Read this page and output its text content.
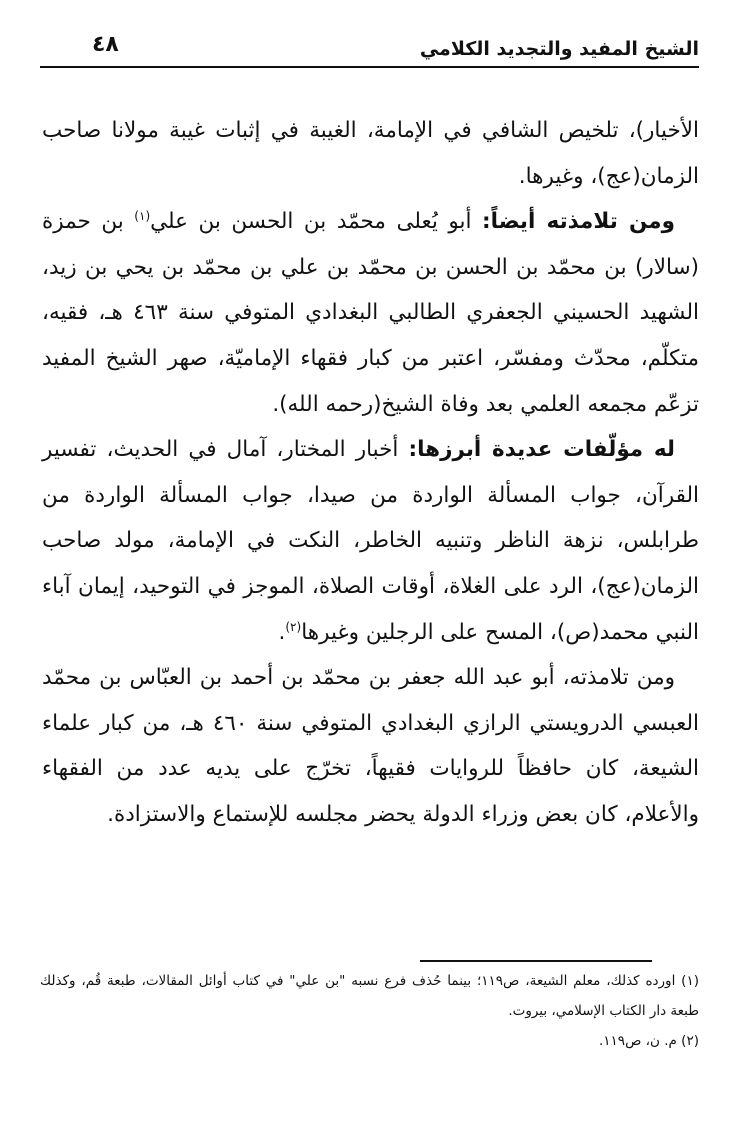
الشيخ المفيد والتجديد الكلامي
٤٨

الأخيار)، تلخيص الشافي في الإمامة، الغيبة في إثبات غيبة مولانا صاحب الزمان(عج)، وغيرها.

ومن تلامذته أيضاً: أبو يُعلى محمّد بن الحسن بن علي$^{(١)}$ بن حمزة (سالار) بن محمّد بن الحسن بن محمّد بن علي بن محمّد بن يحي بن زيد، الشهيد الحسيني الجعفري الطالبي البغدادي المتوفي سنة ٤٦٣ هـ، فقيه، متكلّم، محدّث ومفسّر، اعتبر من كبار فقهاء الإماميّة، صهر الشيخ المفيد تزعّم مجمعه العلمي بعد وفاة الشيخ(رحمه الله).

له مؤلّفات عديدة أبرزها: أخبار المختار، آمال في الحديث، تفسير القرآن، جواب المسألة الواردة من صيدا، جواب المسألة الواردة من طرابلس، نزهة الناظر وتنبيه الخاطر، النكت في الإمامة، مولد صاحب الزمان(عج)، الرد على الغلاة، أوقات الصلاة، الموجز في التوحيد، إيمان آباء النبي محمد(ص)، المسح على الرجلين وغيرها$^{(٢)}$.

ومن تلامذته، أبو عبد الله جعفر بن محمّد بن أحمد بن العبّاس بن محمّد العبسي الدرويستي الرازي البغدادي المتوفي سنة ٤٦٠ هـ، من كبار علماء الشيعة، كان حافظاً للروايات فقيهاً، تخرّج على يديه عدد من الفقهاء والأعلام، كان بعض وزراء الدولة يحضر مجلسه للإستماع والاستزادة.

(١) اورده كذلك، معلم الشيعة، ص١١٩؛ بينما حُذف فرع نسبه "بن علي" في كتاب أوائل المقالات، طبعة قُم، وكذلك طبعة دار الكتاب الإسلامي، بيروت.

(٢) م. ن، ص١١٩.
